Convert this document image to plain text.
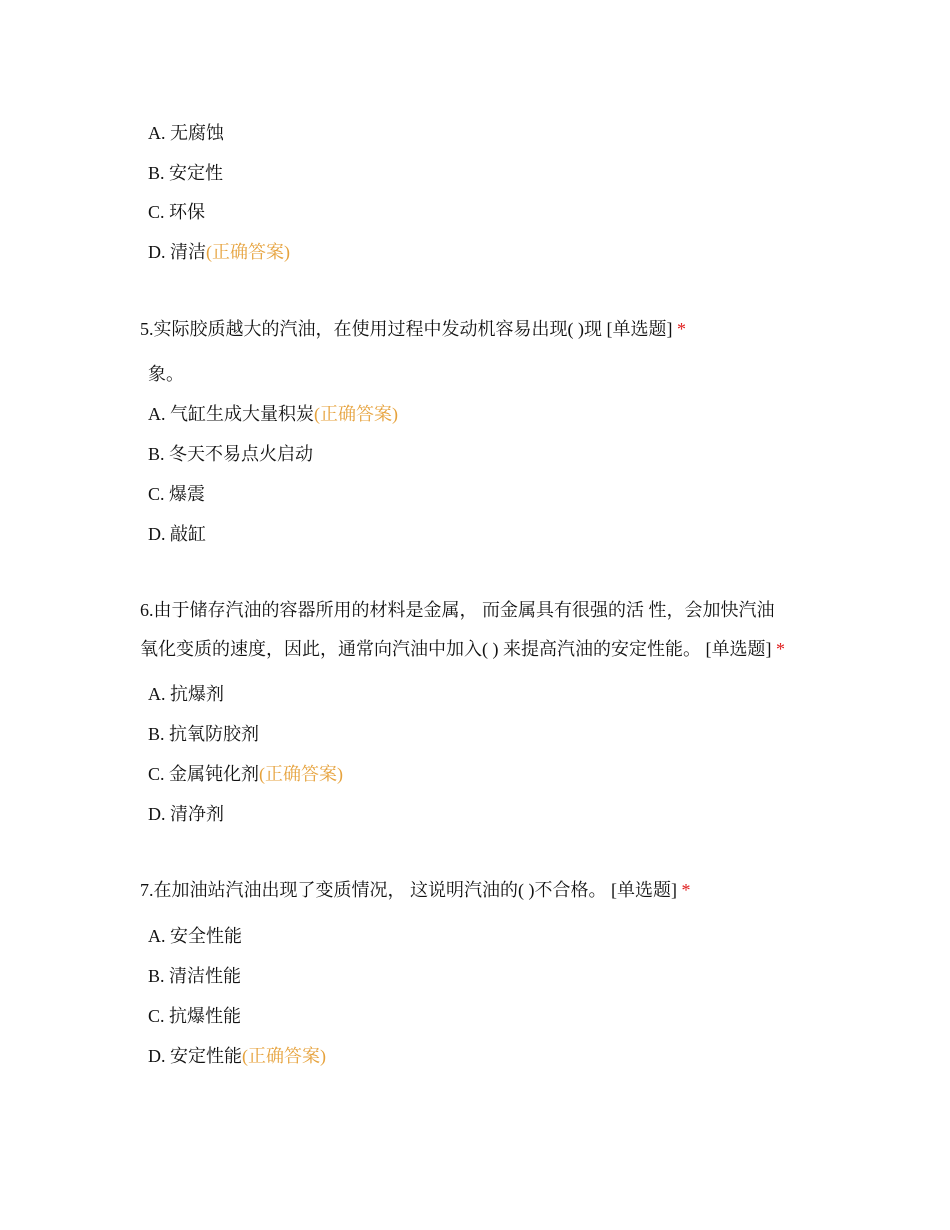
A. 无腐蚀
B. 安定性
C. 环保
D. 清洁(正确答案)
5.实际胶质越大的汽油，在使用过程中发动机容易出现( )现 [单选题] *
象。
A. 气缸生成大量积炭(正确答案)
B. 冬天不易点火启动
C. 爆震
D. 敲缸
6.由于储存汽油的容器所用的材料是金属， 而金属具有很强的活 性，会加快汽油
氧化变质的速度，因此，通常向汽油中加入( ) 来提高汽油的安定性能。 [单选题] *
A. 抗爆剂
B. 抗氧防胶剂
C. 金属钝化剂(正确答案)
D. 清净剂
7.在加油站汽油出现了变质情况， 这说明汽油的( )不合格。 [单选题] *
A. 安全性能
B. 清洁性能
C. 抗爆性能
D. 安定性能(正确答案)
